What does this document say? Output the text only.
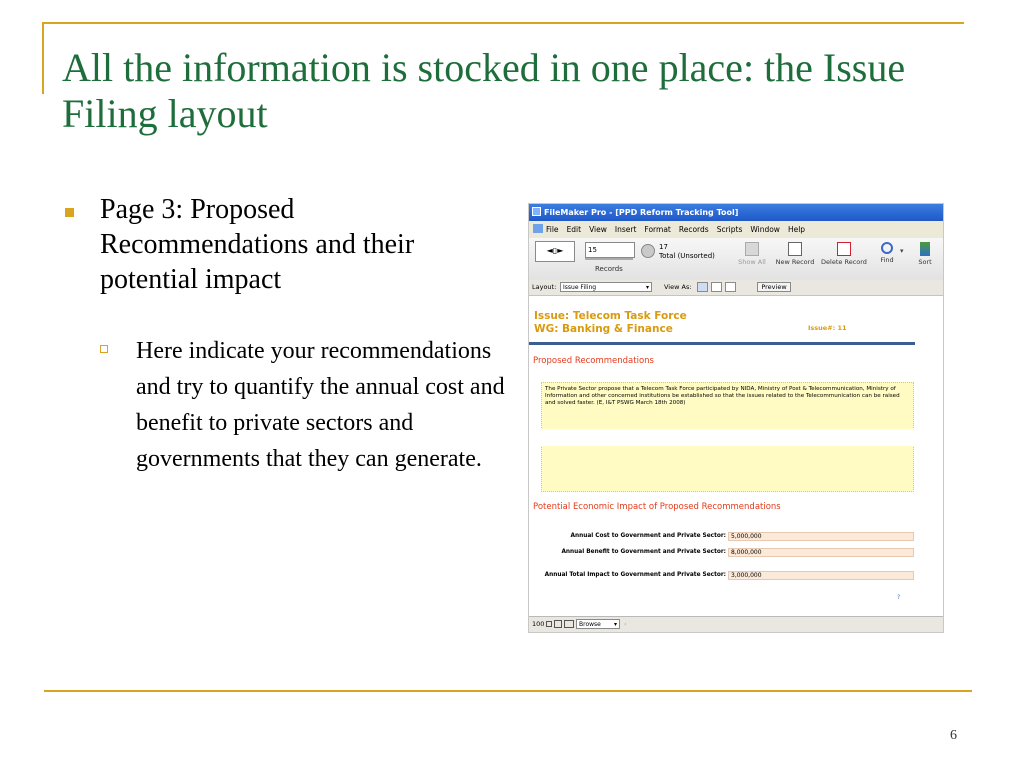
All the information is stocked in one place: the Issue Filing layout
Page 3: Proposed Recommendations and their potential impact
Here indicate your recommendations and try to quantify the annual cost and benefit to private sectors and governments that they can generate.
6
FileMaker Pro - [PPD Reform Tracking Tool]
File Edit View Insert Format Records Scripts Window Help
◄▯►	15
Records
17
Total (Unsorted)
Show All	New Record	Delete Record	Find
▾
Sort
Layout:	Issue Filing	▾ View As:	Preview
Issue: Telecom Task Force
WG: Banking & Finance	Issue#: 11
Proposed Recommendations
The Private Sector propose that a Telecom Task Force participated by NIDA, Ministry of Post & Telecommunication, Ministry of Information and other concerned institutions be established so that the issues related to the Telecommunication can be raised and solved faster. (E, I&T PSWG March 18th 2008)
Potential Economic Impact of Proposed Recommendations
Annual Cost to Government and Private Sector: 5,000,000
Annual Benefit to Government and Private Sector: 8,000,000
Annual Total Impact to Government and Private Sector: 3,000,000
?
100	Browse ▾ ‹
